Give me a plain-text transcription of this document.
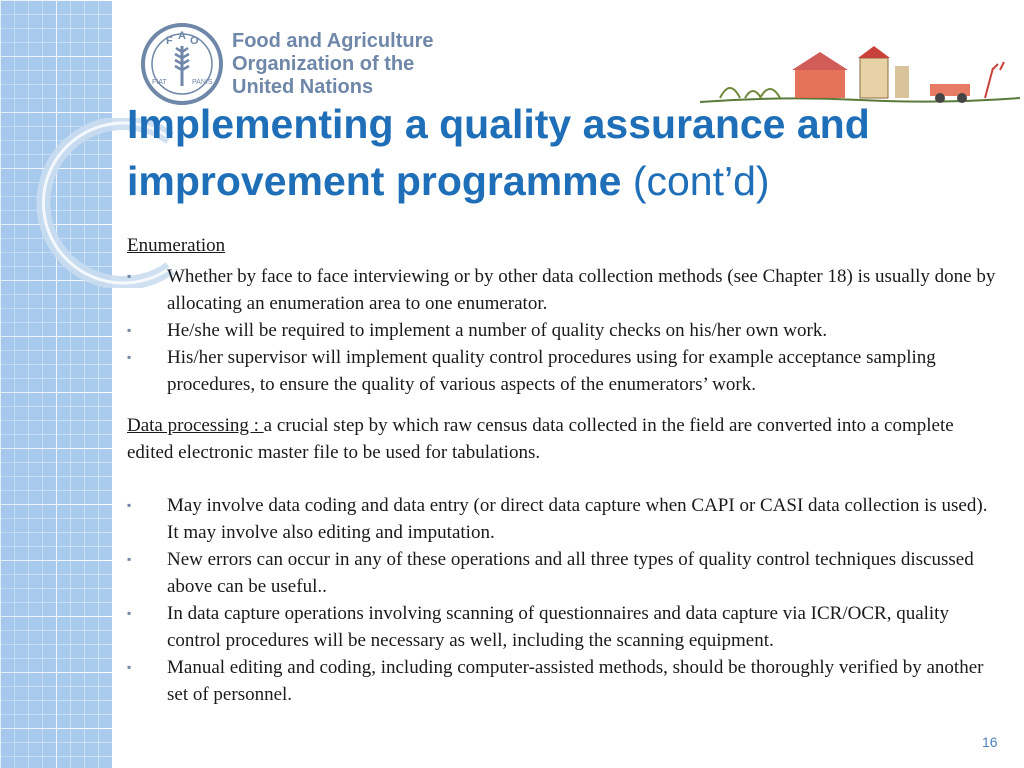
F A O
FIAT	PANIS
Food and Agriculture
Organization of the
United Nations
Implementing a quality assurance and improvement programme (cont’d)
Enumeration
▪ Whether by face to face interviewing or by other data collection methods (see Chapter 18) is usually done by allocating an enumeration area to one enumerator.
▪ He/she will be required to implement a number of quality checks on his/her own work.
▪ His/her supervisor will implement quality control procedures using for example acceptance sampling procedures, to ensure the quality of various aspects of the enumerators’ work.
Data processing : a crucial step by which raw census data collected in the field are converted into a complete edited electronic master file to be used for tabulations.
▪ May involve data coding and data entry (or direct data capture when CAPI or CASI data collection is used). It may involve also editing and imputation.
▪ New errors can occur in any of these operations and all three types of quality control techniques discussed above can be useful..
▪ In data capture operations involving scanning of questionnaires and data capture via ICR/OCR, quality control procedures will be necessary as well, including the scanning equipment.
▪ Manual editing and coding, including computer-assisted methods, should be thoroughly verified by another set of personnel.
16
